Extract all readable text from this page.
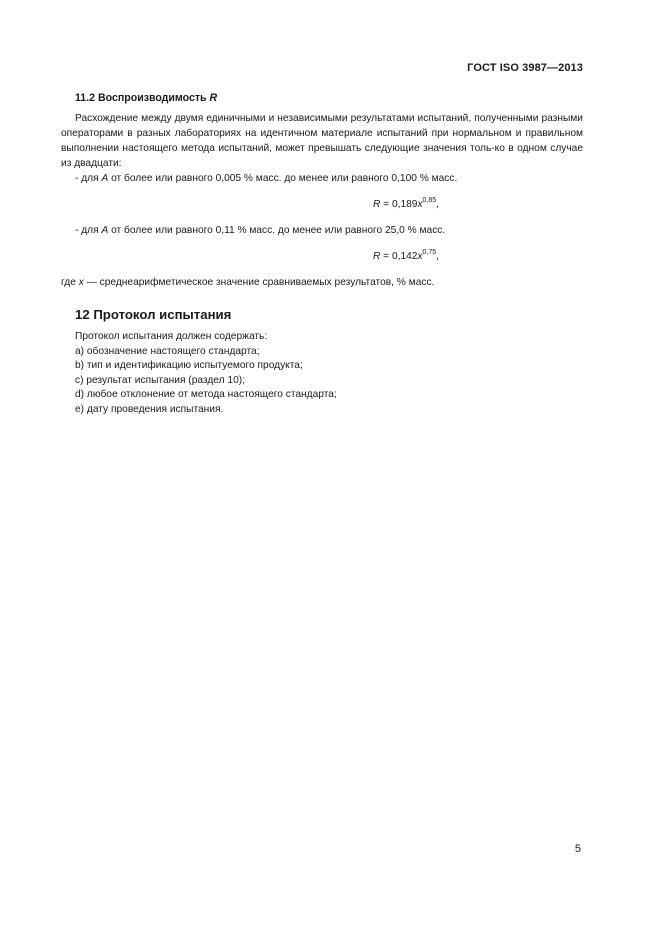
ГОСТ ISO 3987—2013

11.2 Воспроизводимость R

Расхождение между двумя единичными и независимыми результатами испытаний, полученными разными операторами в разных лабораториях на идентичном материале испытаний при нормальном и правильном выполнении настоящего метода испытаний, может превышать следующие значения толь-ко в одном случае из двадцати:

- для A от более или равного 0,005 % масс. до менее или равного 0,100 % масс.

$R = 0,189x^{0,85}$,

- для A от более или равного 0,11 % масс. до менее или равного 25,0 % масс.

$R = 0,142x^{0,75}$,

где x — среднеарифметическое значение сравниваемых результатов, % масс.

12 Протокол испытания

Протокол испытания должен содержать:

a) обозначение настоящего стандарта;

b) тип и идентификацию испытуемого продукта;

c) результат испытания (раздел 10);

d) любое отклонение от метода настоящего стандарта;

e) дату проведения испытания.

5
